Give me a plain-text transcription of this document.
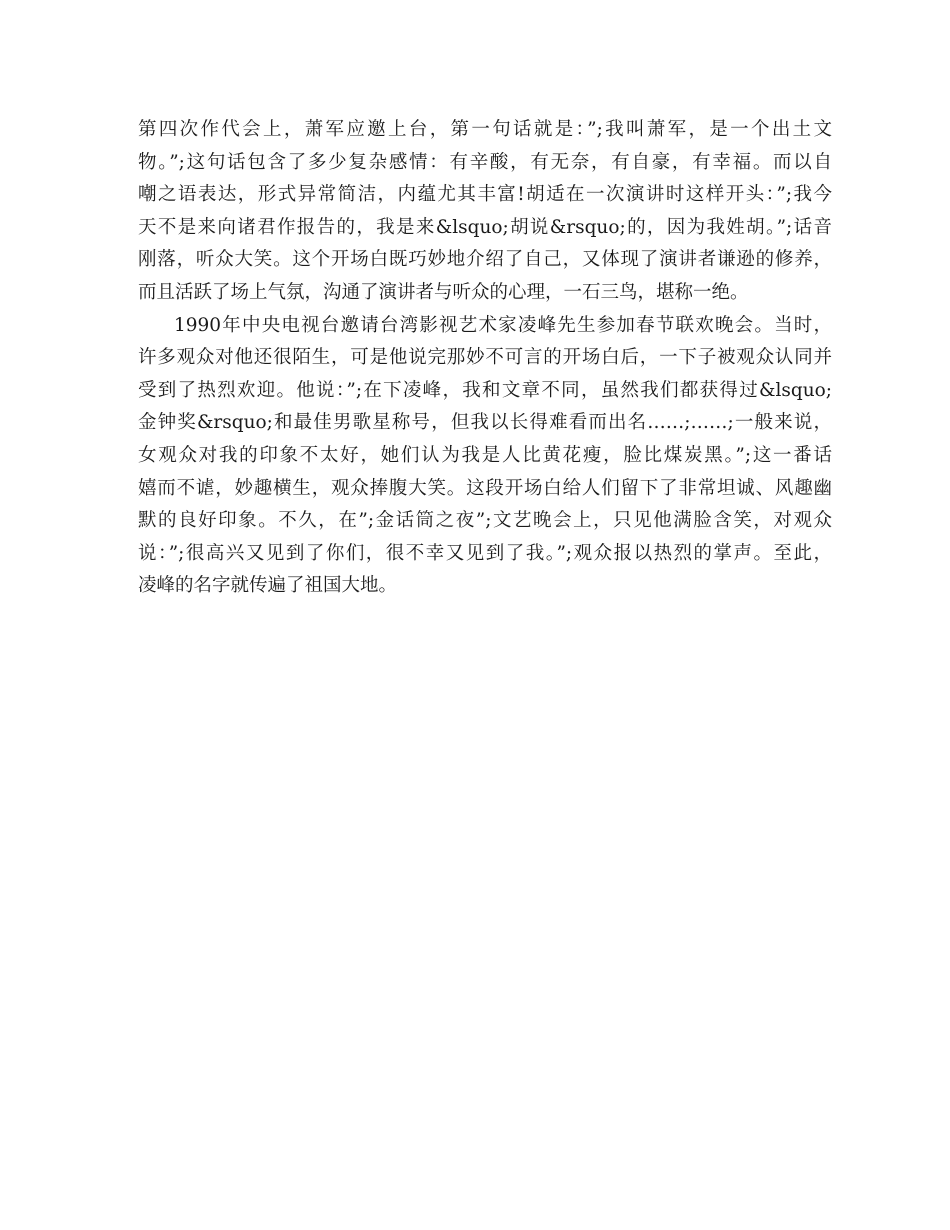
第四次作代会上，萧军应邀上台，第一句话就是：”;我叫萧军，是一个出土文
物。”;这句话包含了多少复杂感情：有辛酸，有无奈，有自豪，有幸福。而以自
嘲之语表达，形式异常简洁，内蕴尤其丰富!胡适在一次演讲时这样开头：”;我今
天不是来向诸君作报告的，我是来&lsquo;胡说&rsquo;的，因为我姓胡。”;话音
刚落，听众大笑。这个开场白既巧妙地介绍了自己，又体现了演讲者谦逊的修养，
而且活跃了场上气氛，沟通了演讲者与听众的心理，一石三鸟，堪称一绝。
1990年中央电视台邀请台湾影视艺术家凌峰先生参加春节联欢晚会。当时，
许多观众对他还很陌生，可是他说完那妙不可言的开场白后，一下子被观众认同并
受到了热烈欢迎。他说：”;在下凌峰，我和文章不同，虽然我们都获得过&lsquo;
金钟奖&rsquo;和最佳男歌星称号，但我以长得难看而出名……;……;一般来说，
女观众对我的印象不太好，她们认为我是人比黄花瘦，脸比煤炭黑。”;这一番话
嬉而不谑，妙趣横生，观众捧腹大笑。这段开场白给人们留下了非常坦诚、风趣幽
默的良好印象。不久，在”;金话筒之夜”;文艺晚会上，只见他满脸含笑，对观众
说：”;很高兴又见到了你们，很不幸又见到了我。”;观众报以热烈的掌声。至此，
凌峰的名字就传遍了祖国大地。
